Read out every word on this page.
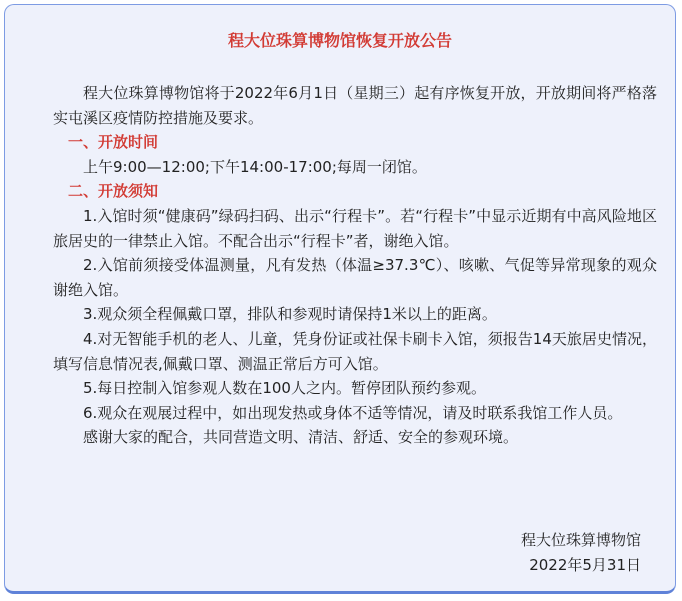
程大位珠算博物馆恢复开放公告

程大位珠算博物馆将于2022年6月1日（星期三）起有序恢复开放，开放期间将严格落实屯溪区疫情防控措施及要求。

一、开放时间

上午9:00—12:00;下午14:00-17:00;每周一闭馆。

二、开放须知

1.入馆时须“健康码”绿码扫码、出示“行程卡”。若“行程卡”中显示近期有中高风险地区旅居史的一律禁止入馆。不配合出示“行程卡”者，谢绝入馆。

2.入馆前须接受体温测量，凡有发热（体温≥37.3℃）、咳嗽、气促等异常现象的观众谢绝入馆。

3.观众须全程佩戴口罩，排队和参观时请保持1米以上的距离。

4.对无智能手机的老人、儿童，凭身份证或社保卡刷卡入馆，须报告14天旅居史情况，填写信息情况表,佩戴口罩、测温正常后方可入馆。

5.每日控制入馆参观人数在100人之内。暂停团队预约参观。

6.观众在观展过程中，如出现发热或身体不适等情况，请及时联系我馆工作人员。

感谢大家的配合，共同营造文明、清洁、舒适、安全的参观环境。

程大位珠算博物馆
2022年5月31日
